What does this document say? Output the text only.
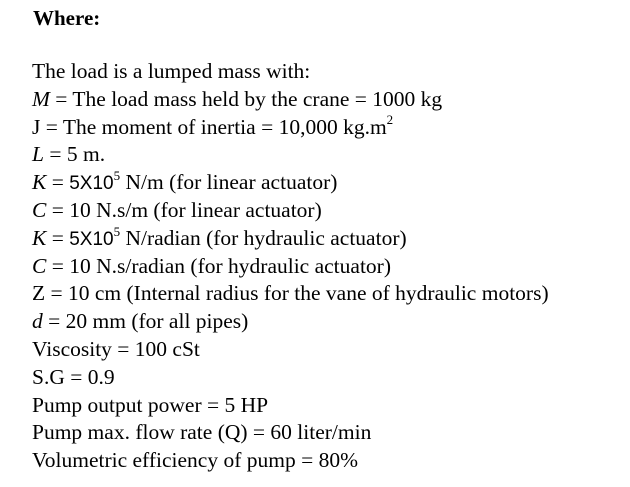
Where:
The load is a lumped mass with:
M = The load mass held by the crane = 1000 kg
J = The moment of inertia = 10,000 $kg.m^2$
L = 5 m.
$K = 5X10^5$ N/m (for linear actuator)
C = 10 N.s/m (for linear actuator)
$K = 5X10^5$ N/radian (for hydraulic actuator)
C = 10 N.s/radian (for hydraulic actuator)
Z = 10 cm (Internal radius for the vane of hydraulic motors)
d = 20 mm (for all pipes)
Viscosity = 100 cSt
S.G = 0.9
Pump output power = 5 HP
Pump max. flow rate (Q) = 60 liter/min
Volumetric efficiency of pump = 80%
